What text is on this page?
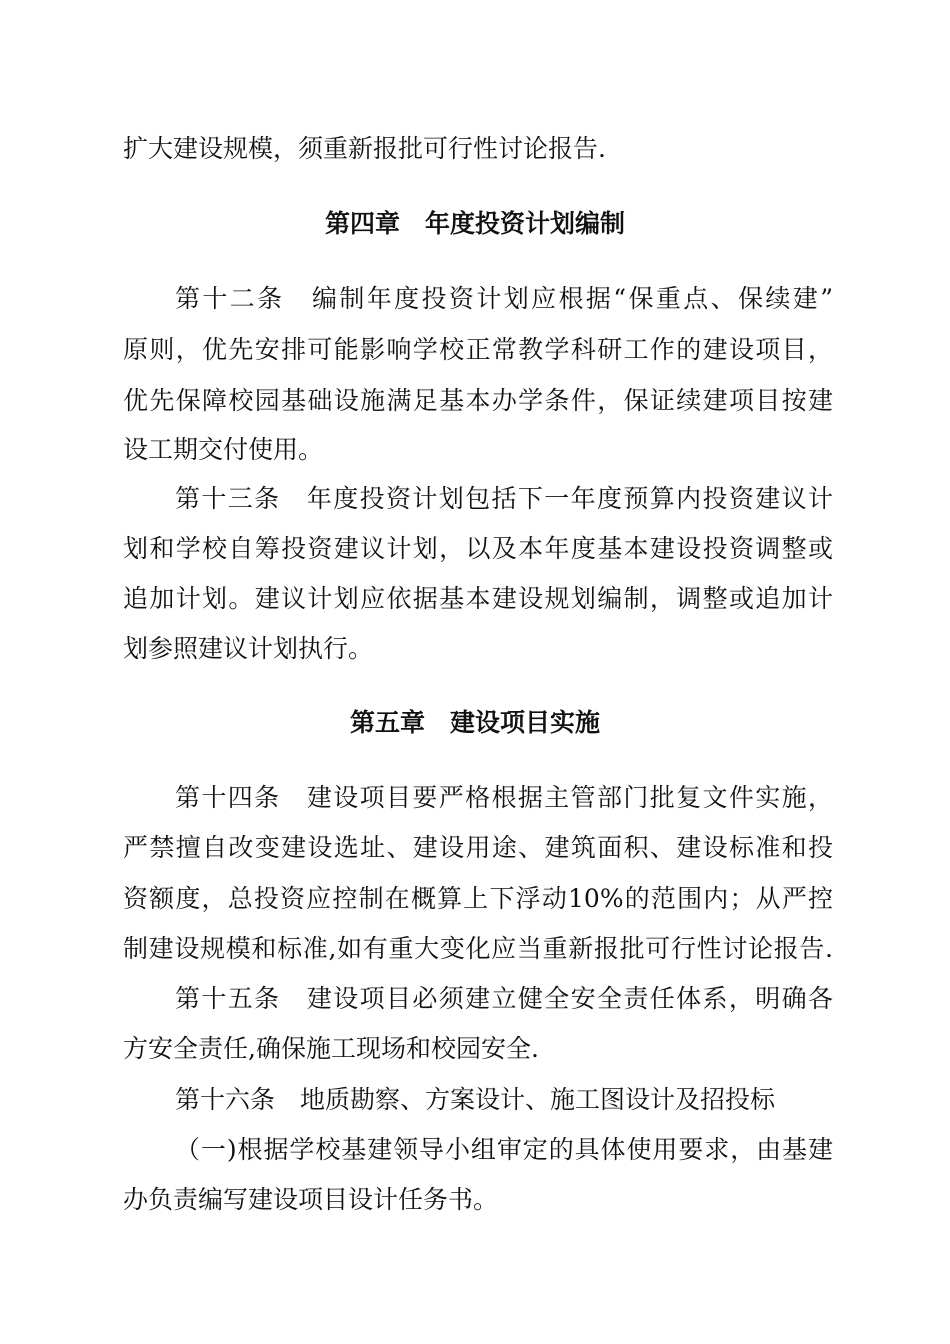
扩大建设规模，须重新报批可行性讨论报告.
第四章　年度投资计划编制
第十二条　编制年度投资计划应根据“保重点、保续建”
原则，优先安排可能影响学校正常教学科研工作的建设项目，
优先保障校园基础设施满足基本办学条件，保证续建项目按建
设工期交付使用。
第十三条　年度投资计划包括下一年度预算内投资建议计
划和学校自筹投资建议计划，以及本年度基本建设投资调整或
追加计划。建议计划应依据基本建设规划编制，调整或追加计
划参照建议计划执行。
第五章　建设项目实施
第十四条　建设项目要严格根据主管部门批复文件实施，
严禁擅自改变建设选址、建设用途、建筑面积、建设标准和投
资额度，总投资应控制在概算上下浮动10%的范围内；从严控
制建设规模和标准,如有重大变化应当重新报批可行性讨论报告.
第十五条　建设项目必须建立健全安全责任体系，明确各
方安全责任,确保施工现场和校园安全.
第十六条　地质勘察、方案设计、施工图设计及招投标
（一)根据学校基建领导小组审定的具体使用要求，由基建
办负责编写建设项目设计任务书。
